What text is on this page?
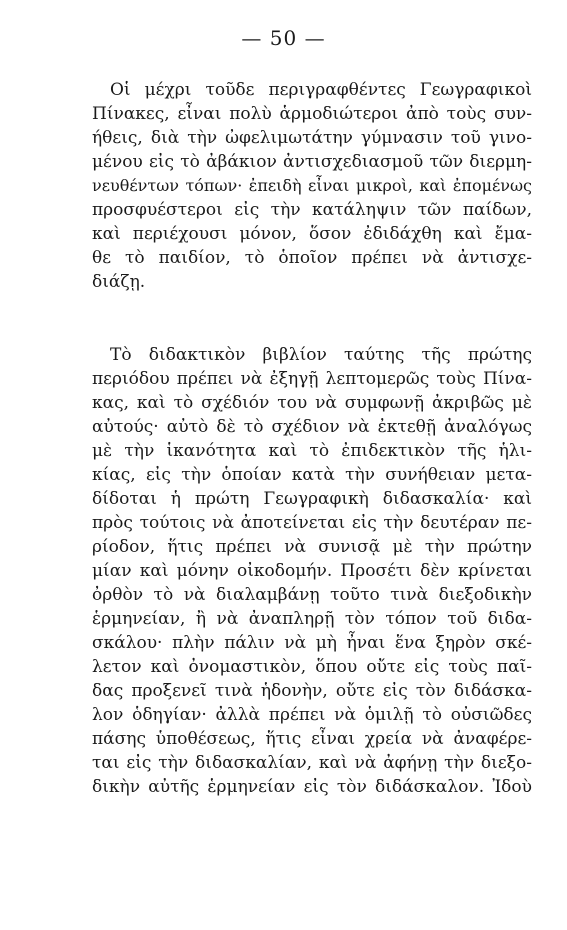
— 50 —
Οἱ μέχρι τοῦδε περιγραφθέντες Γεωγραφικοὶ
Πίνακες, εἶναι πολὺ ἁρμοδιώτεροι ἀπὸ τοὺς συν-
ήθεις, διὰ τὴν ὠφελιμωτάτην γύμνασιν τοῦ γινο-
μένου εἰς τὸ ἀβάκιον ἀντισχεδιασμοῦ τῶν διερμη-
νευθέντων τόπων· ἐπειδὴ εἶναι μικροὶ, καὶ ἐπομένως
προσφυέστεροι εἰς τὴν κατάληψιν τῶν παίδων,
καὶ περιέχουσι μόνον, ὅσον ἐδιδάχθη καὶ ἔμα-
θε τὸ παιδίον, τὸ ὁποῖον πρέπει νὰ ἀντισχε-
διάζῃ.
Τὸ διδακτικὸν βιβλίον ταύτης τῆς πρώτης
περιόδου πρέπει νὰ ἐξηγῇ λεπτομερῶς τοὺς Πίνα-
κας, καὶ τὸ σχέδιόν του νὰ συμφωνῇ ἀκριβῶς μὲ
αὐτούς· αὐτὸ δὲ τὸ σχέδιον νὰ ἐκτεθῇ ἀναλόγως
μὲ τὴν ἱκανότητα καὶ τὸ ἐπιδεκτικὸν τῆς ἡλι-
κίας, εἰς τὴν ὁποίαν κατὰ τὴν συνήθειαν μετα-
δίδοται ἡ πρώτη Γεωγραφικὴ διδασκαλία· καὶ
πρὸς τούτοις νὰ ἀποτείνεται εἰς τὴν δευτέραν πε-
ρίοδον, ἥτις πρέπει νὰ συνισᾷ μὲ τὴν πρώτην
μίαν καὶ μόνην οἰκοδομήν. Προσέτι δὲν κρίνεται
ὀρθὸν τὸ νὰ διαλαμβάνῃ τοῦτο τινὰ διεξοδικὴν
ἑρμηνείαν, ἢ νὰ ἀναπληρῇ τὸν τόπον τοῦ διδα-
σκάλου· πλὴν πάλιν νὰ μὴ ἦναι ἕνα ξηρὸν σκέ-
λετον καὶ ὀνομαστικὸν, ὅπου οὔτε εἰς τοὺς παῖ-
δας προξενεῖ τινὰ ἡδονὴν, οὔτε εἰς τὸν διδάσκα-
λον ὁδηγίαν· ἀλλὰ πρέπει νὰ ὁμιλῇ τὸ οὐσιῶδες
πάσης ὑποθέσεως, ἥτις εἶναι χρεία νὰ ἀναφέρε-
ται εἰς τὴν διδασκαλίαν, καὶ νὰ ἀφήνῃ τὴν διεξο-
δικὴν αὐτῆς ἑρμηνείαν εἰς τὸν διδάσκαλον. Ἰδοὺ
